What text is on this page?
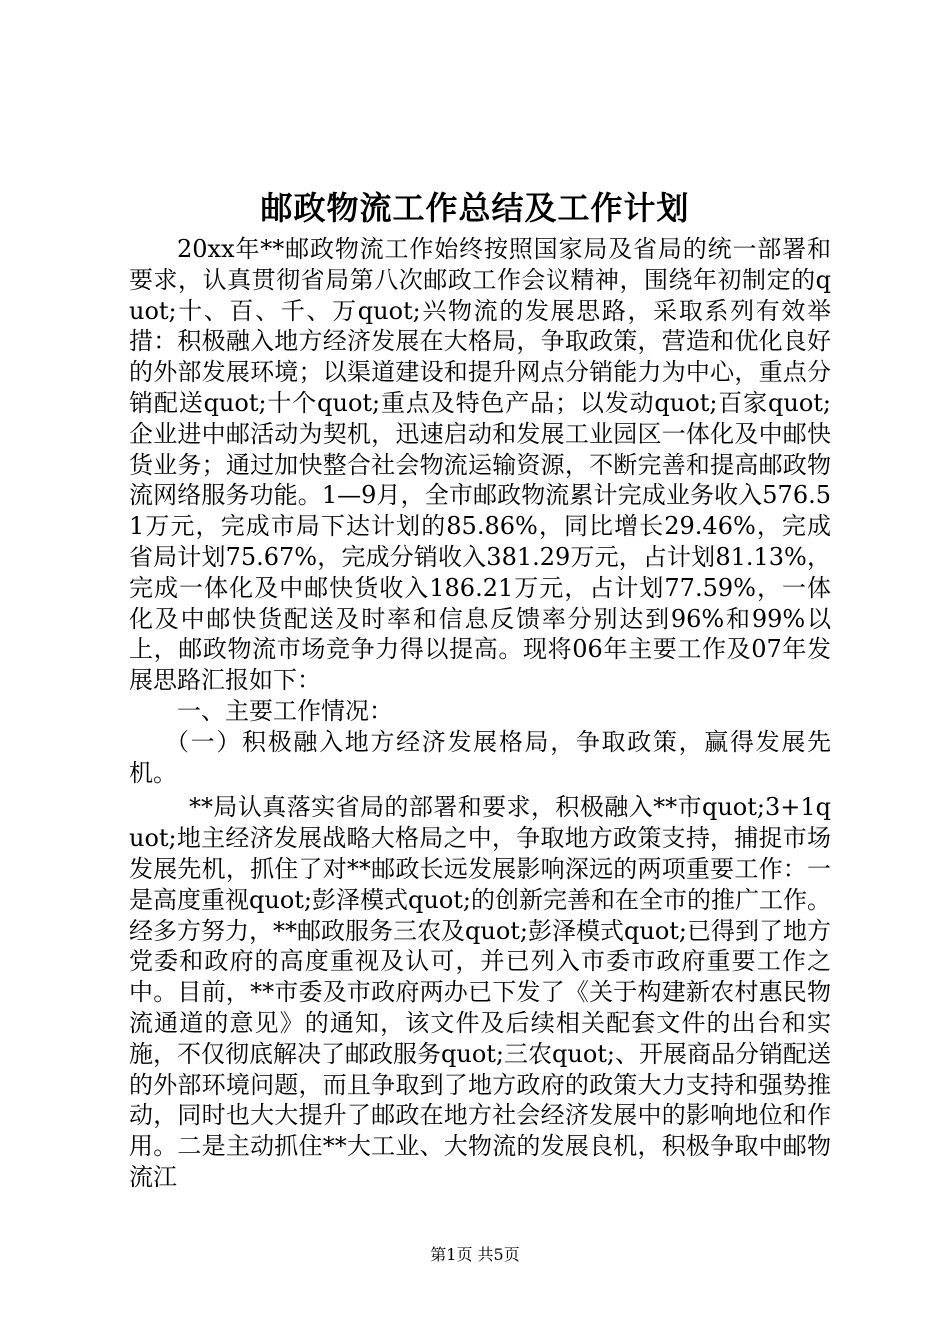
邮政物流工作总结及工作计划

20xx年**邮政物流工作始终按照国家局及省局的统一部署和要求，认真贯彻省局第八次邮政工作会议精神，围绕年初制定的quot;十、百、千、万quot;兴物流的发展思路，采取系列有效举措：积极融入地方经济发展在大格局，争取政策，营造和优化良好的外部发展环境；以渠道建设和提升网点分销能力为中心，重点分销配送quot;十个quot;重点及特色产品；以发动quot;百家quot;企业进中邮活动为契机，迅速启动和发展工业园区一体化及中邮快货业务；通过加快整合社会物流运输资源，不断完善和提高邮政物流网络服务功能。1—9月，全市邮政物流累计完成业务收入576.51万元，完成市局下达计划的85.86%，同比增长29.46%，完成省局计划75.67%，完成分销收入381.29万元，占计划81.13%，完成一体化及中邮快货收入186.21万元，占计划77.59%，一体化及中邮快货配送及时率和信息反馈率分别达到96%和99%以上，邮政物流市场竞争力得以提高。现将06年主要工作及07年发展思路汇报如下：

一、主要工作情况：

（一）积极融入地方经济发展格局，争取政策，赢得发展先机。

**局认真落实省局的部署和要求，积极融入**市quot;3+1quot;地主经济发展战略大格局之中，争取地方政策支持，捕捉市场发展先机，抓住了对**邮政长远发展影响深远的两项重要工作：一是高度重视quot;彭泽模式quot;的创新完善和在全市的推广工作。经多方努力，**邮政服务三农及quot;彭泽模式quot;已得到了地方党委和政府的高度重视及认可，并已列入市委市政府重要工作之中。目前，**市委及市政府两办已下发了《关于构建新农村惠民物流通道的意见》的通知，该文件及后续相关配套文件的出台和实施，不仅彻底解决了邮政服务quot;三农quot;、开展商品分销配送的外部环境问题，而且争取到了地方政府的政策大力支持和强势推动，同时也大大提升了邮政在地方社会经济发展中的影响地位和作用。二是主动抓住**大工业、大物流的发展良机，积极争取中邮物流江

第1页 共5页
